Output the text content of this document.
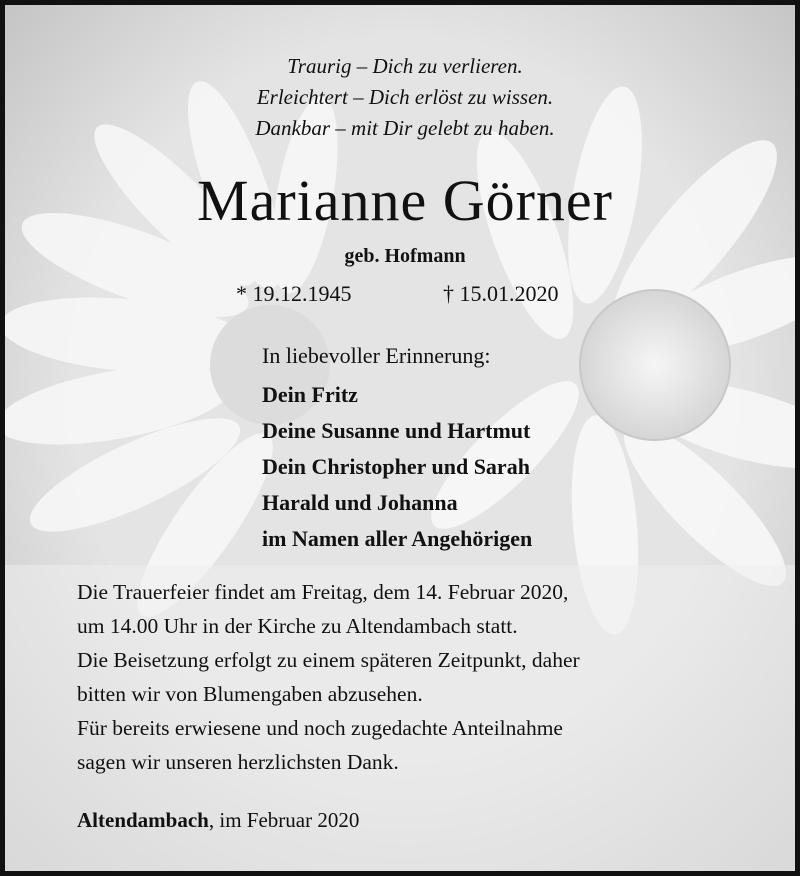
Traurig – Dich zu verlieren.
Erleichtert – Dich erlöst zu wissen.
Dankbar – mit Dir gelebt zu haben.
Marianne Görner
geb. Hofmann
* 19.12.1945	† 15.01.2020
In liebevoller Erinnerung:
Dein Fritz
Deine Susanne und Hartmut
Dein Christopher und Sarah
Harald und Johanna
im Namen aller Angehörigen
Die Trauerfeier findet am Freitag, dem 14. Februar 2020,
um 14.00 Uhr in der Kirche zu Altendambach statt.
Die Beisetzung erfolgt zu einem späteren Zeitpunkt, daher
bitten wir von Blumengaben abzusehen.
Für bereits erwiesene und noch zugedachte Anteilnahme
sagen wir unseren herzlichsten Dank.
Altendambach, im Februar 2020
